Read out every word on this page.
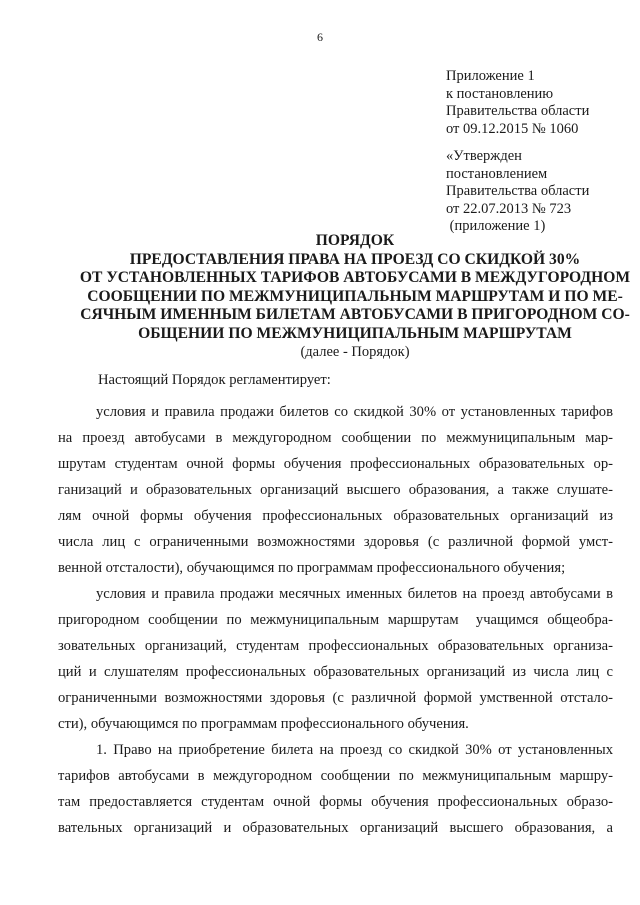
6
Приложение 1
к постановлению
Правительства области
от 09.12.2015 № 1060
«Утвержден
постановлением
Правительства области
от 22.07.2013 № 723
(приложение 1)
ПОРЯДОК
ПРЕДОСТАВЛЕНИЯ ПРАВА НА ПРОЕЗД СО СКИДКОЙ 30%
ОТ УСТАНОВЛЕННЫХ ТАРИФОВ АВТОБУСАМИ В МЕЖДУГОРОДНОМ
СООБЩЕНИИ ПО МЕЖМУНИЦИПАЛЬНЫМ МАРШРУТАМ И ПО МЕ-
СЯЧНЫМ ИМЕННЫМ БИЛЕТАМ АВТОБУСАМИ В ПРИГОРОДНОМ СО-
ОБЩЕНИИ ПО МЕЖМУНИЦИПАЛЬНЫМ МАРШРУТАМ
(далее - Порядок)

Настоящий Порядок регламентирует:

условия и правила продажи билетов со скидкой 30% от установленных тарифов
на проезд автобусами в междугородном сообщении по межмуниципальным мар-
шрутам студентам очной формы обучения профессиональных образовательных ор-
ганизаций и образовательных организаций высшего образования, а также слушате-
лям очной формы обучения профессиональных образовательных организаций из
числа лиц с ограниченными возможностями здоровья (с различной формой умст-
венной отсталости), обучающимся по программам профессионального обучения;

условия и правила продажи месячных именных билетов на проезд автобусами в
пригородном сообщении по межмуниципальным маршрутам  учащимся общеобра-
зовательных организаций, студентам профессиональных образовательных организа-
ций и слушателям профессиональных образовательных организаций из числа лиц с
ограниченными возможностями здоровья (с различной формой умственной отстало-
сти), обучающимся по программам профессионального обучения.

1. Право на приобретение билета на проезд со скидкой 30% от установленных
тарифов автобусами в междугородном сообщении по межмуниципальным маршру-
там предоставляется студентам очной формы обучения профессиональных образо-
вательных организаций и образовательных организаций высшего образования, а
